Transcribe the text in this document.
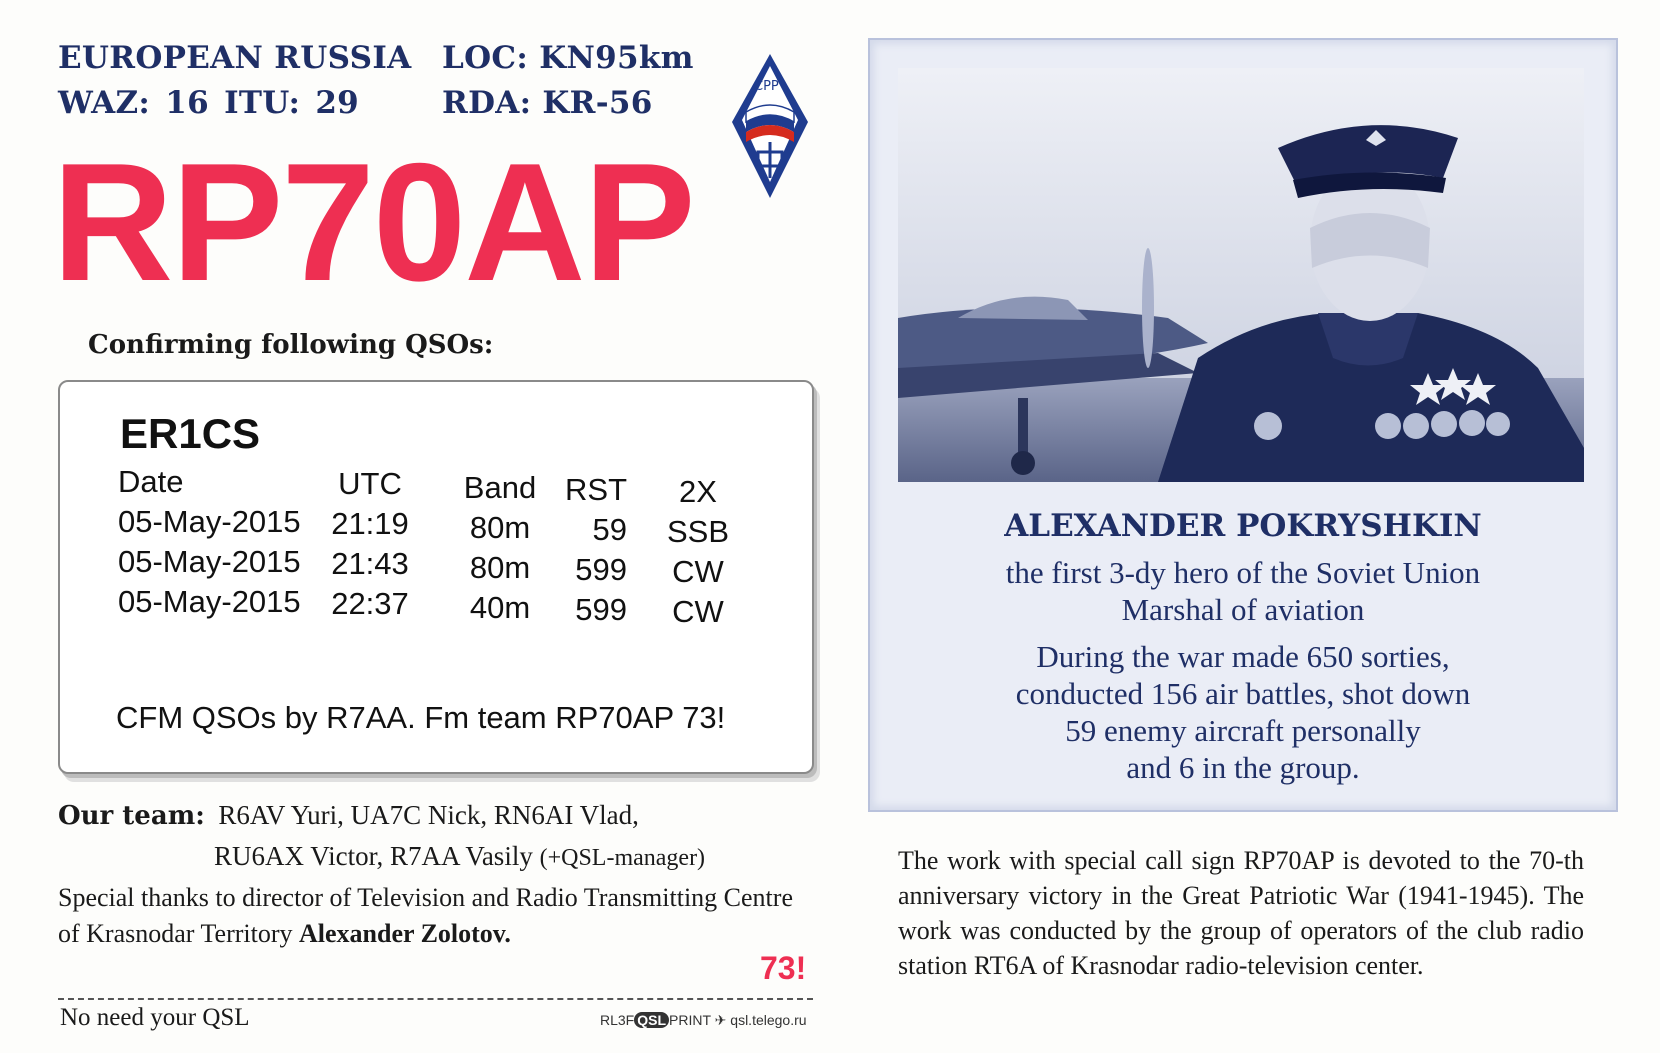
EUROPEAN RUSSIA
WAZ: 16 ITU: 29
LOC: KN95km
RDA: KR-56	СРР
RP70AP
Confirming following QSOs:
ER1CS
Date
05-May-2015
05-May-2015
05-May-2015
UTC
21:19
21:43
22:37
Band
80m
80m
40m
RST
59
599
599
2X
SSB
CW
CW
CFM QSOs by R7AA. Fm team RP70AP 73!
ALEXANDER POKRYSHKIN
the first 3-dy hero of the Soviet Union
Marshal of aviation
During the war made 650 sorties,
conducted 156 air battles, shot down
59 enemy aircraft personally
and 6 in the group.
Our team: R6AV Yuri, UA7C Nick, RN6AI Vlad,
RU6AX Victor, R7AA Vasily (+QSL-manager)
Special thanks to director of Television and Radio Transmitting Centre of Krasnodar Territory Alexander Zolotov.
73!
No need your QSL	RL3F QSL PRINT ✈ qsl.telego.ru
The work with special call sign RP70AP is devoted to the 70-th anniversary victory in the Great Patriotic War (1941-1945). The work was conducted by the group of operators of the club radio station RT6A of Krasnodar radio-television center.
